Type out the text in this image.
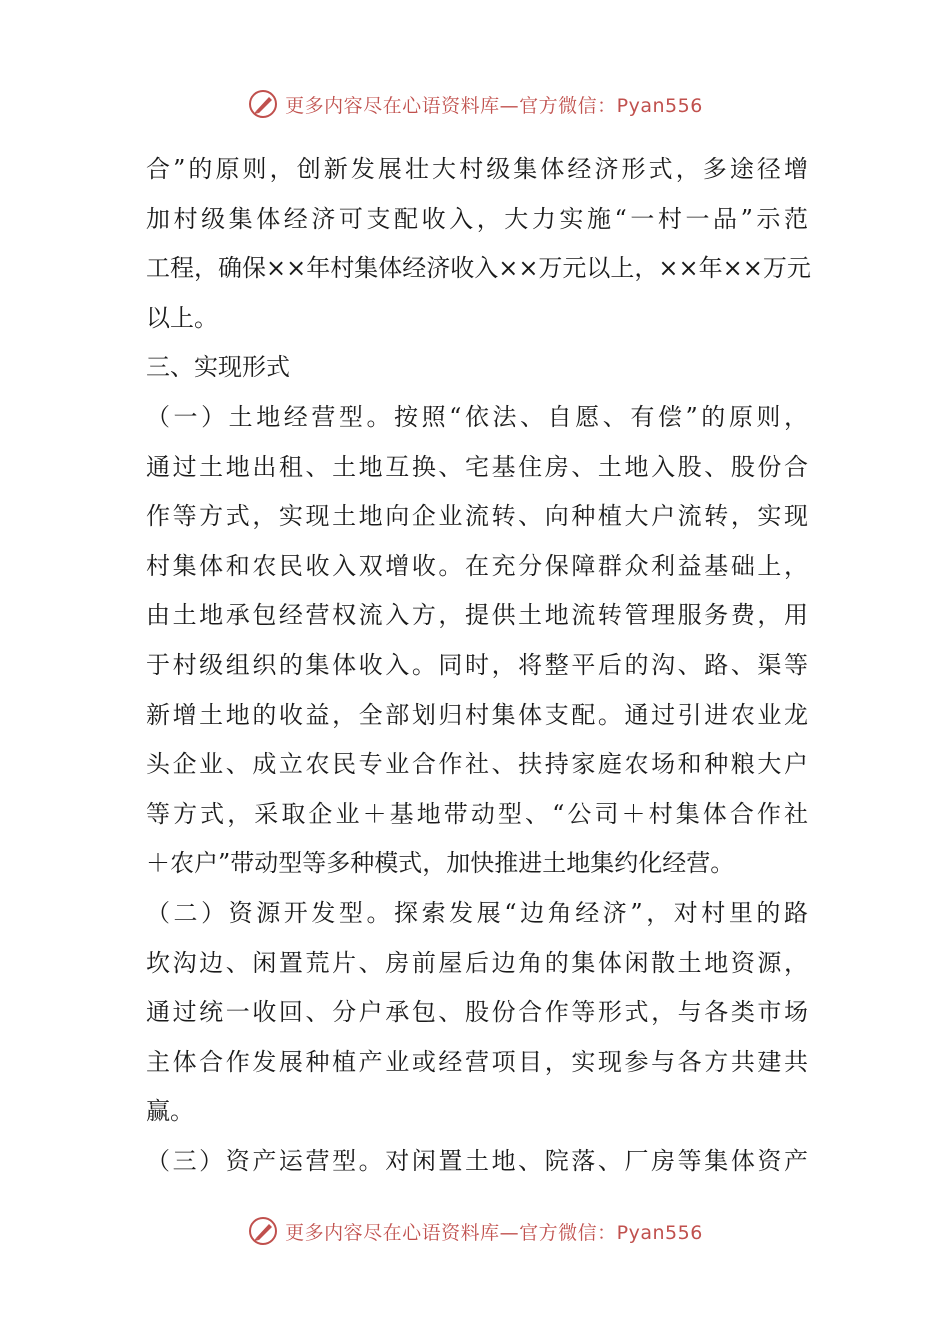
更多内容尽在心语资料库—官方微信：Pyan556
合”的原则，创新发展壮大村级集体经济形式，多途径增
加村级集体经济可支配收入，大力实施“一村一品”示范
工程，确保××年村集体经济收入××万元以上，××年××万元
以上。
三、实现形式
（一）土地经营型。按照“依法、自愿、有偿”的原则，
通过土地出租、土地互换、宅基住房、土地入股、股份合
作等方式，实现土地向企业流转、向种植大户流转，实现
村集体和农民收入双增收。在充分保障群众利益基础上，
由土地承包经营权流入方，提供土地流转管理服务费，用
于村级组织的集体收入。同时，将整平后的沟、路、渠等
新增土地的收益，全部划归村集体支配。通过引进农业龙
头企业、成立农民专业合作社、扶持家庭农场和种粮大户
等方式，采取企业＋基地带动型、“公司＋村集体合作社
＋农户”带动型等多种模式，加快推进土地集约化经营。
（二）资源开发型。探索发展“边角经济”，对村里的路
坎沟边、闲置荒片、房前屋后边角的集体闲散土地资源，
通过统一收回、分户承包、股份合作等形式，与各类市场
主体合作发展种植产业或经营项目，实现参与各方共建共
赢。
（三）资产运营型。对闲置土地、院落、厂房等集体资产
更多内容尽在心语资料库—官方微信：Pyan556
